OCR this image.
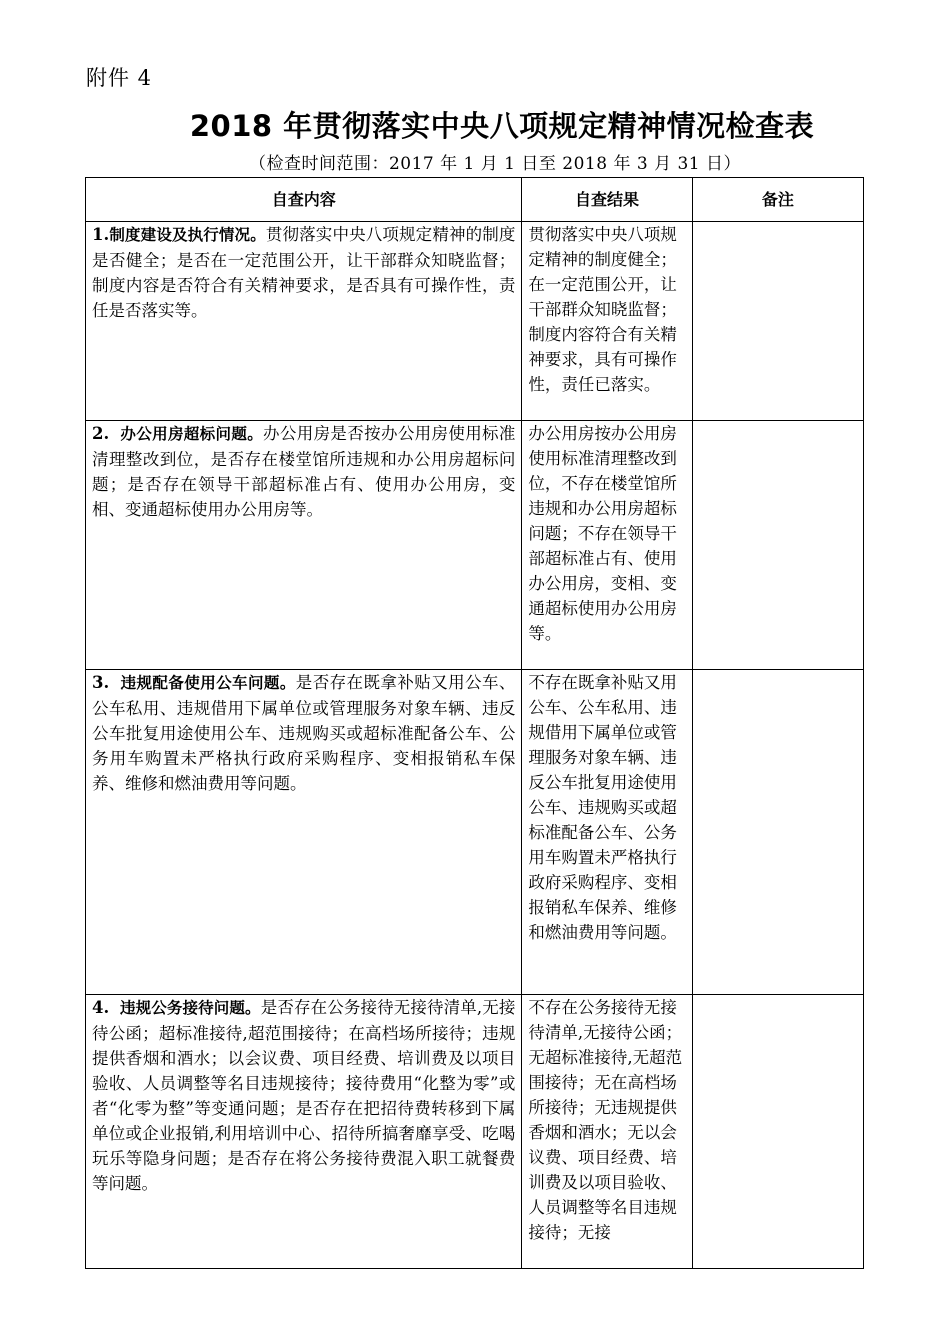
附件 4
2018 年贯彻落实中央八项规定精神情况检查表
（检查时间范围：2017 年 1 月 1 日至 2018 年 3 月 31 日）
自查内容	自查结果	备注
1.制度建设及执行情况。贯彻落实中央八项规定精神的制度是否健全；是否在一定范围公开，让干部群众知晓监督；制度内容是否符合有关精神要求，是否具有可操作性，责任是否落实等。	贯彻落实中央八项规定精神的制度健全；在一定范围公开，让干部群众知晓监督；制度内容符合有关精神要求，具有可操作性，责任已落实。	
2. 办公用房超标问题。办公用房是否按办公用房使用标准清理整改到位，是否存在楼堂馆所违规和办公用房超标问题；是否存在领导干部超标准占有、使用办公用房，变相、变通超标使用办公用房等。	办公用房按办公用房使用标准清理整改到位，不存在楼堂馆所违规和办公用房超标问题；不存在领导干部超标准占有、使用办公用房，变相、变通超标使用办公用房等。	
3. 违规配备使用公车问题。是否存在既拿补贴又用公车、公车私用、违规借用下属单位或管理服务对象车辆、违反公车批复用途使用公车、违规购买或超标准配备公车、公务用车购置未严格执行政府采购程序、变相报销私车保养、维修和燃油费用等问题。	不存在既拿补贴又用公车、公车私用、违规借用下属单位或管理服务对象车辆、违反公车批复用途使用公车、违规购买或超标准配备公车、公务用车购置未严格执行政府采购程序、变相报销私车保养、维修和燃油费用等问题。	
4. 违规公务接待问题。是否存在公务接待无接待清单,无接待公函；超标准接待,超范围接待；在高档场所接待；违规提供香烟和酒水；以会议费、项目经费、培训费及以项目验收、人员调整等名目违规接待；接待费用“化整为零”或者“化零为整”等变通问题；是否存在把招待费转移到下属单位或企业报销,利用培训中心、招待所搞奢靡享受、吃喝玩乐等隐身问题；是否存在将公务接待费混入职工就餐费等问题。	不存在公务接待无接待清单,无接待公函；无超标准接待,无超范围接待；无在高档场所接待；无违规提供香烟和酒水；无以会议费、项目经费、培训费及以项目验收、人员调整等名目违规接待；无接	
